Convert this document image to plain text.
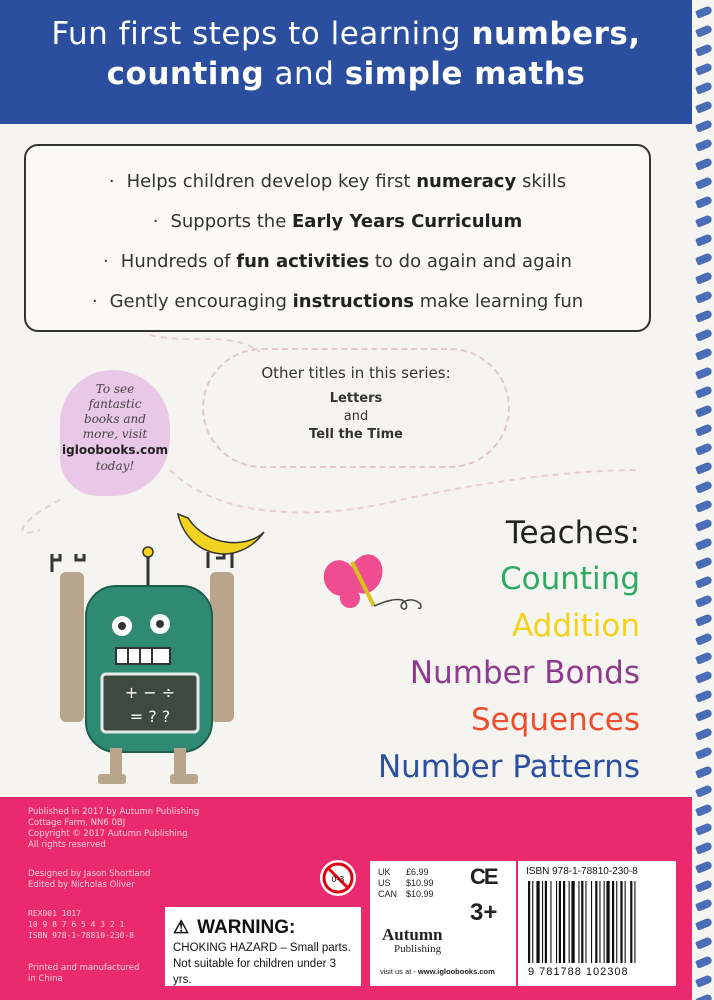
Fun first steps to learning numbers,
counting and simple maths
· Helps children develop key first numeracy skills
· Supports the Early Years Curriculum
· Hundreds of fun activities to do again and again
· Gently encouraging instructions make learning fun
To see
fantastic
books and
more, visit
igloobooks.com
today!
Other titles in this series:
Letters
and
Tell the Time
+ − ÷
= ? ?
Teaches:
Counting
Addition
Number Bonds
Sequences
Number Patterns
Published in 2017 by Autumn Publishing
Cottage Farm, NN6 0BJ
Copyright © 2017 Autumn Publishing
All rights reserved
Designed by Jason Shortland
Edited by Nicholas Oliver
REX001 1017
10 9 8 7 6 5 4 3 2 1
ISBN 978-1-78810-230-8
Printed and manufactured
in China
⚠ WARNING:
CHOKING HAZARD – Small parts.
Not suitable for children under 3 yrs.
0-3
UK £6.99
US $10.99
CAN $10.99
CE
3+
Autumn
Publishing
visit us at - www.igloobooks.com
ISBN 978-1-78810-230-8
9 781788 102308
